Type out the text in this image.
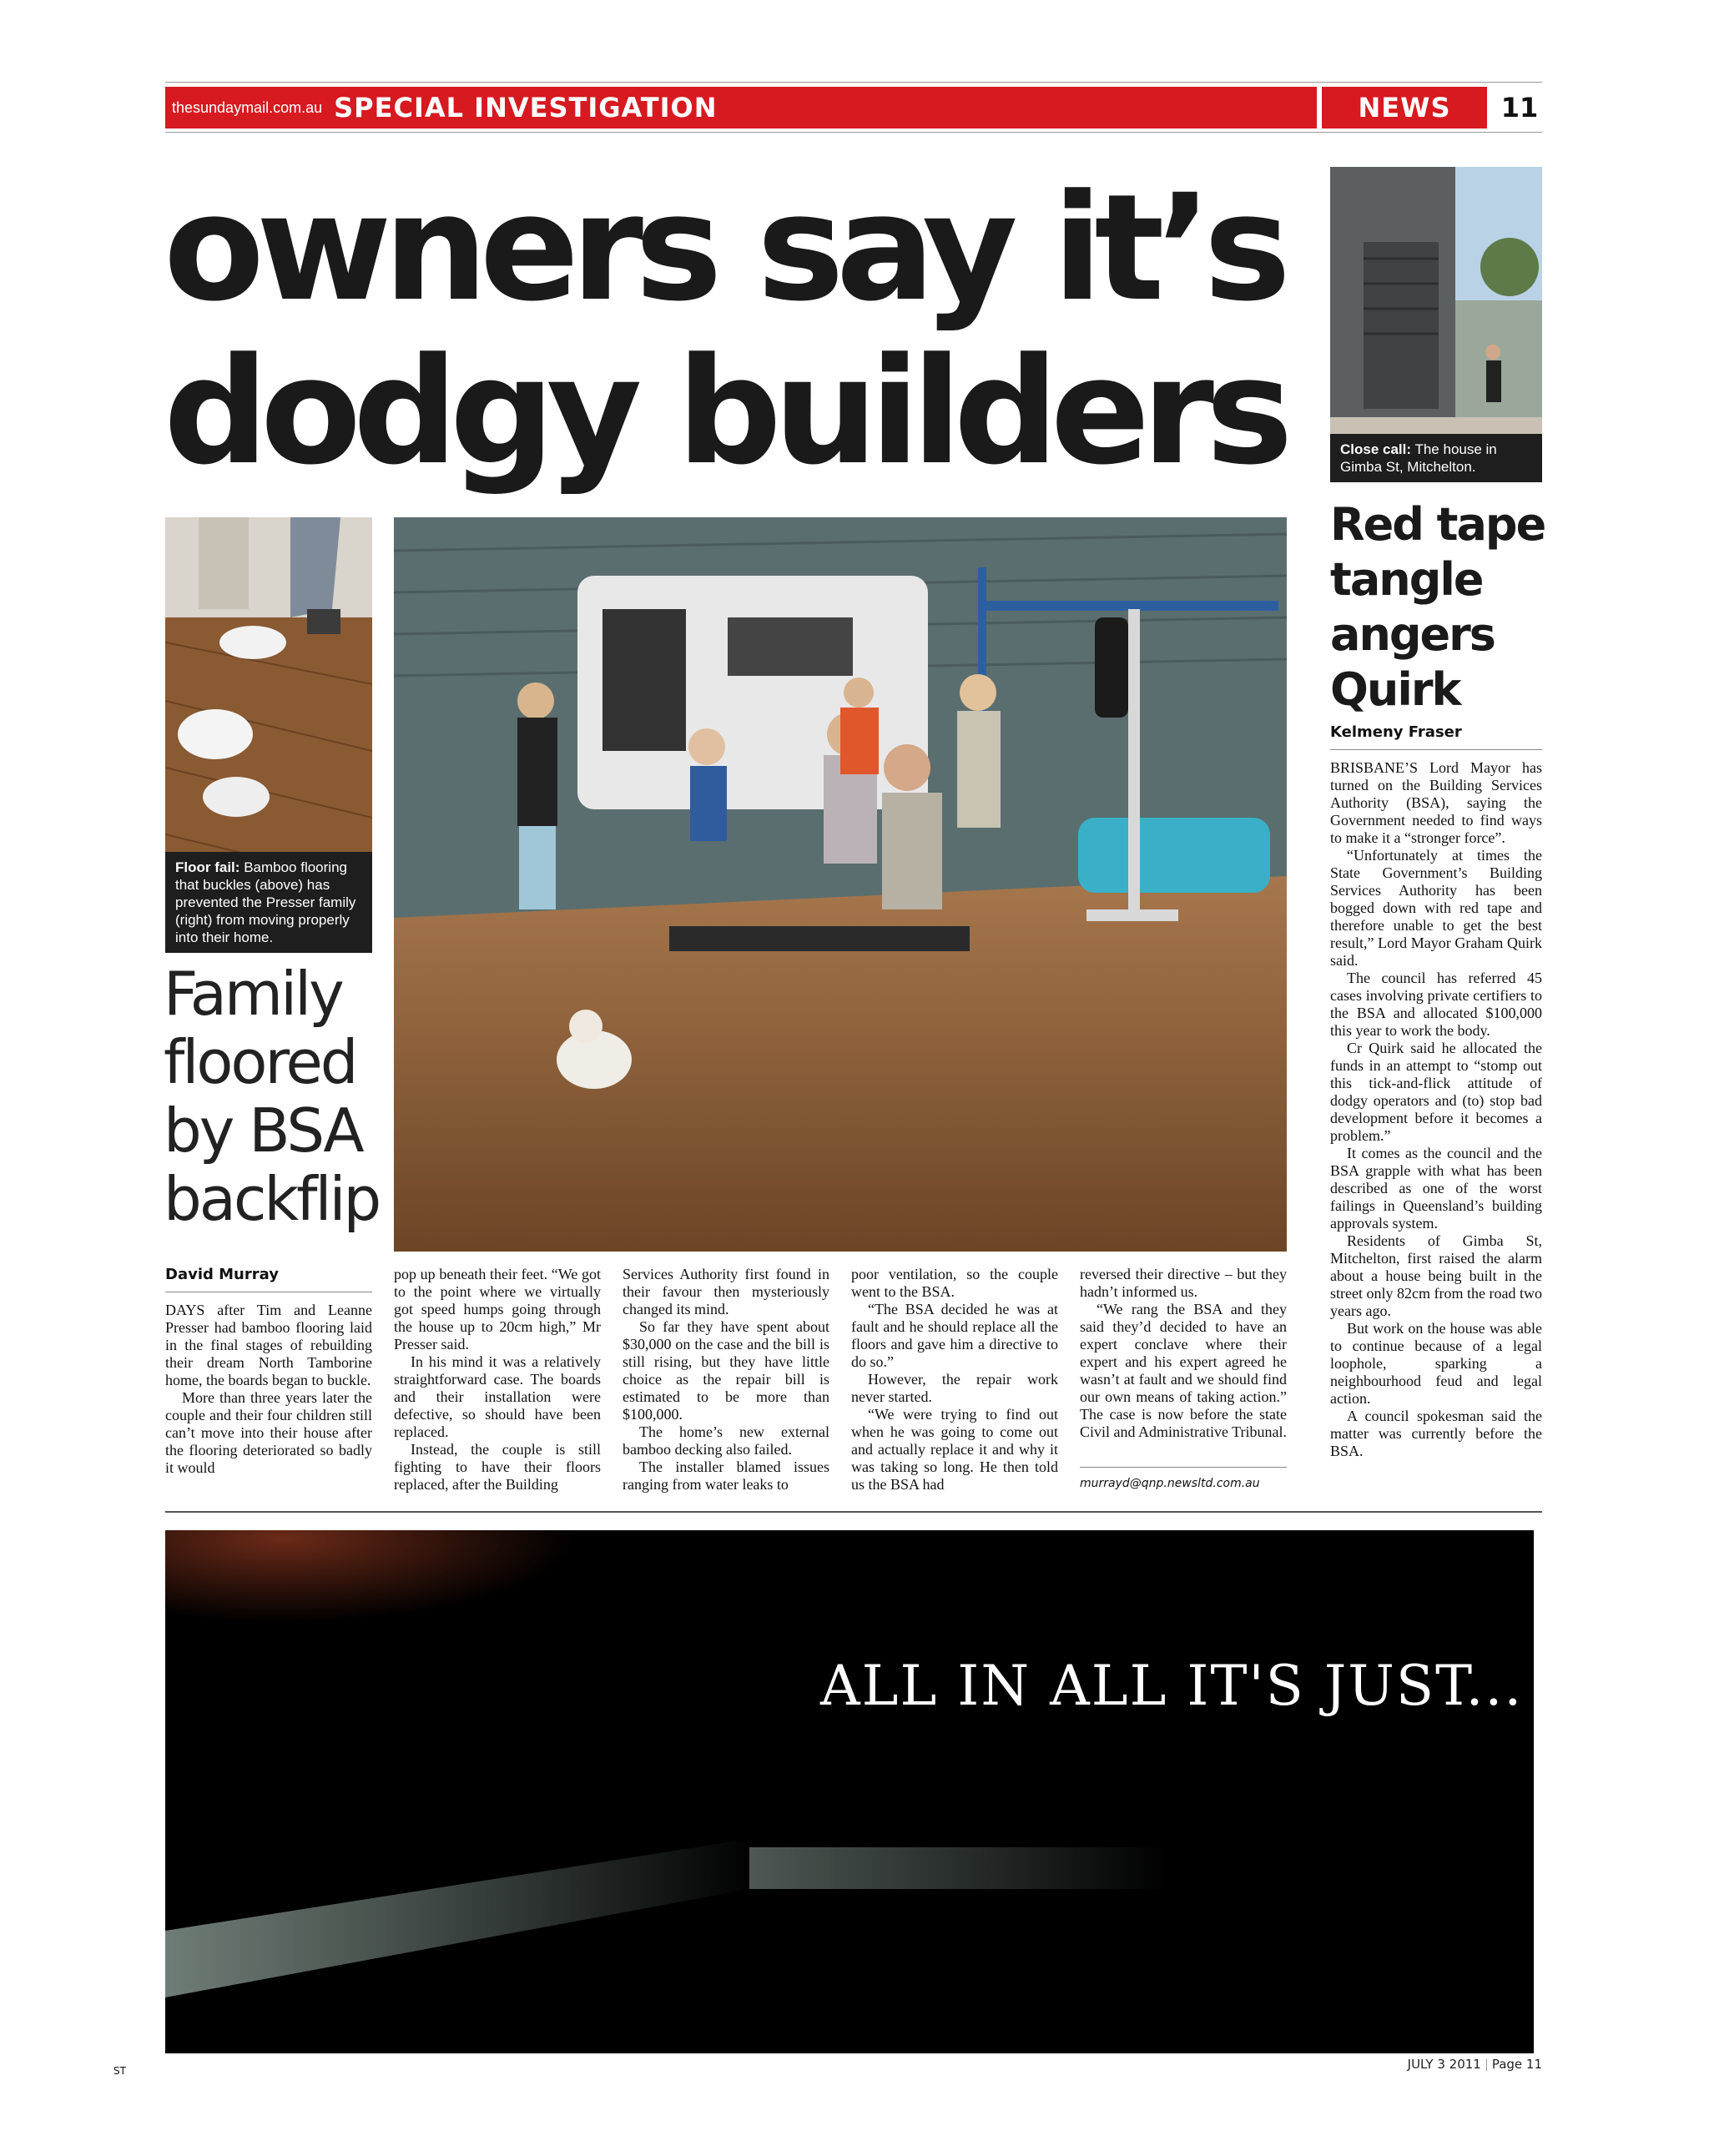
thesundaymail.com.au SPECIAL INVESTIGATION	NEWS	11
owners say it’s
dodgy builders
Floor fail: Bamboo flooring that buckles (above) has prevented the Presser family (right) from moving properly into their home.
Close call: The house in Gimba St, Mitchelton.
Family
floored
by BSA
backflip
David Murray

DAYS after Tim and Leanne Presser had bamboo flooring laid in the final stages of rebuilding their dream North Tamborine home, the boards began to buckle.

More than three years later the couple and their four children still can’t move into their house after the flooring deteriorated so badly it would

pop up beneath their feet. “We got to the point where we virtually got speed humps going through the house up to 20cm high,” Mr Presser said.

In his mind it was a relatively straightforward case. The boards and their installation were defective, so should have been replaced.

Instead, the couple is still fighting to have their floors replaced, after the Building

Services Authority first found in their favour then mysteriously changed its mind.

So far they have spent about $30,000 on the case and the bill is still rising, but they have little choice as the repair bill is estimated to be more than $100,000.

The home’s new external bamboo decking also failed.

The installer blamed issues ranging from water leaks to

poor ventilation, so the couple went to the BSA.

“The BSA decided he was at fault and he should replace all the floors and gave him a directive to do so.”

However, the repair work never started.

“We were trying to find out when he was going to come out and actually replace it and why it was taking so long. He then told us the BSA had

reversed their directive – but they hadn’t informed us.

“We rang the BSA and they said they’d decided to have an expert conclave where their expert and his expert agreed he wasn’t at fault and we should find our own means of taking action.” The case is now before the state Civil and Administrative Tribunal.

murrayd@qnp.newsltd.com.au
Red tape
tangle
angers
Quirk
Kelmeny Fraser

BRISBANE’S Lord Mayor has turned on the Building Services Authority (BSA), saying the Government needed to find ways to make it a “stronger force”.

“Unfortunately at times the State Government’s Building Services Authority has been bogged down with red tape and therefore unable to get the best result,” Lord Mayor Graham Quirk said.

The council has referred 45 cases involving private certifiers to the BSA and allocated $100,000 this year to work the body.

Cr Quirk said he allocated the funds in an attempt to “stomp out this tick-and-flick attitude of dodgy operators and (to) stop bad development before it becomes a problem.”

It comes as the council and the BSA grapple with what has been described as one of the worst failings in Queensland’s building approvals system.

Residents of Gimba St, Mitchelton, first raised the alarm about a house being built in the street only 82cm from the road two years ago.

But work on the house was able to continue because of a legal loophole, sparking a neighbourhood feud and legal action.

A council spokesman said the matter was currently before the BSA.

ALL IN ALL IT'S JUST...
ST	JULY 3 2011 Page 11
